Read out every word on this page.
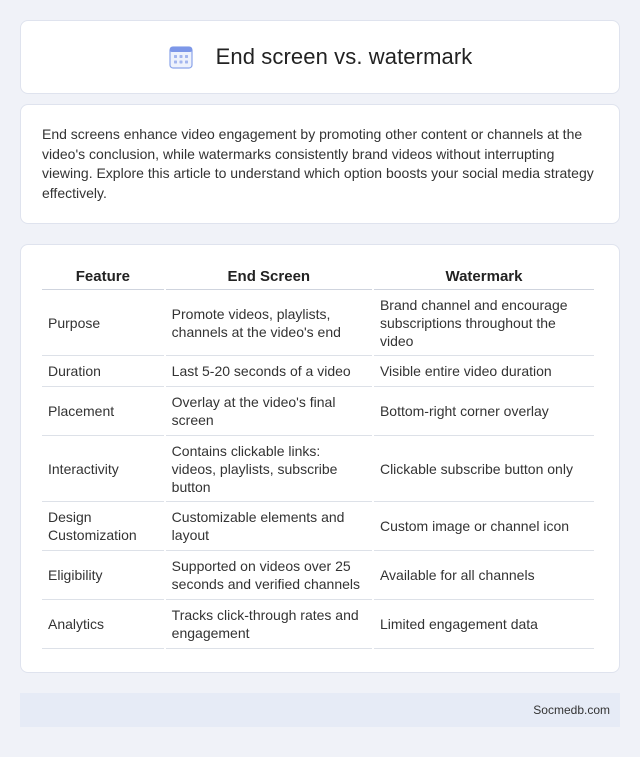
End screen vs. watermark

End screens enhance video engagement by promoting other content or channels at the video's conclusion, while watermarks consistently brand videos without interrupting viewing. Explore this article to understand which option boosts your social media strategy effectively.

Feature	End Screen	Watermark
Purpose	Promote videos, playlists, channels at the video's end	Brand channel and encourage subscriptions throughout the video
Duration	Last 5-20 seconds of a video	Visible entire video duration
Placement	Overlay at the video's final screen	Bottom-right corner overlay
Interactivity	Contains clickable links: videos, playlists, subscribe button	Clickable subscribe button only
Design Customization	Customizable elements and layout	Custom image or channel icon
Eligibility	Supported on videos over 25 seconds and verified channels	Available for all channels
Analytics	Tracks click-through rates and engagement	Limited engagement data
Socmedb.com
